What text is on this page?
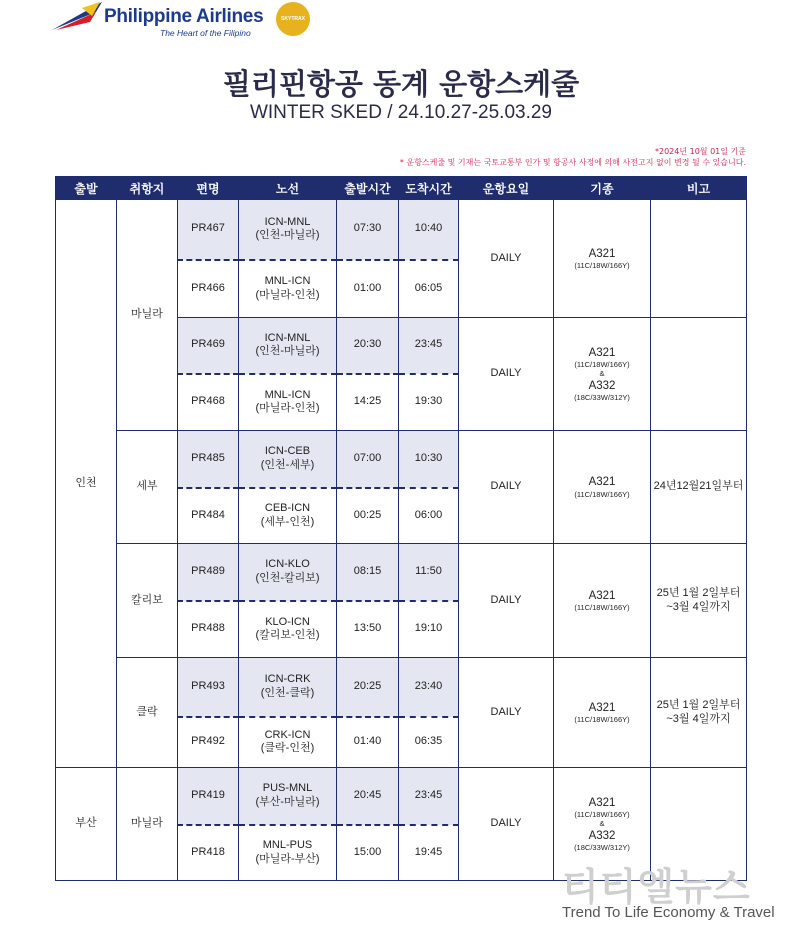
Philippine Airlines
The Heart of the Filipino
SKYTRAX
필리핀항공 동계 운항스케줄
WINTER SKED / 24.10.27-25.03.29
*2024년 10월 01일 기준
* 운항스케줄 및 기재는 국토교통부 인가 및 항공사 사정에 의해 사전고지 없이 변경 될 수 있습니다.
출발	취항지	편명	노선	출발시간	도착시간	운항요일	기종	비고
인천	마닐라	PR467	ICN-MNL
(인천-마닐라)	07:30	10:40	DAILY	A321
(11C/18W/166Y)	

		PR466	MNL-ICN
(마닐라-인천)	01:00	06:05			
		PR469	ICN-MNL
(인천-마닐라)	20:30	23:45	DAILY	A321
(11C/18W/166Y)
&
A332
(18C/33W/312Y)	

		PR468	MNL-ICN
(마닐라-인천)	14:25	19:30			
	세부	PR485	ICN-CEB
(인천-세부)	07:00	10:30	DAILY	A321
(11C/18W/166Y)	24년12월21일부터

		PR484	CEB-ICN
(세부-인천)	00:25	06:00			
	칼리보	PR489	ICN-KLO
(인천-칼리보)	08:15	11:50	DAILY	A321
(11C/18W/166Y)	25년 1월 2일부터
~3월 4일까지
		PR488	KLO-ICN
(칼리보-인천)	13:50	19:10			
	클락	PR493	ICN-CRK
(인천-클락)	20:25	23:40	DAILY	A321
(11C/18W/166Y)	25년 1월 2일부터
~3월 4일까지
		PR492	CRK-ICN
(클락-인천)	01:40	06:35			
부산	마닐라	PR419	PUS-MNL
(부산-마닐라)	20:45	23:45	DAILY	A321
(11C/18W/166Y)
&
A332
(18C/33W/312Y)	

		PR418	MNL-PUS
(마닐라-부산)	15:00	19:45			
티티엘뉴스
Trend To Life Economy & Travel
